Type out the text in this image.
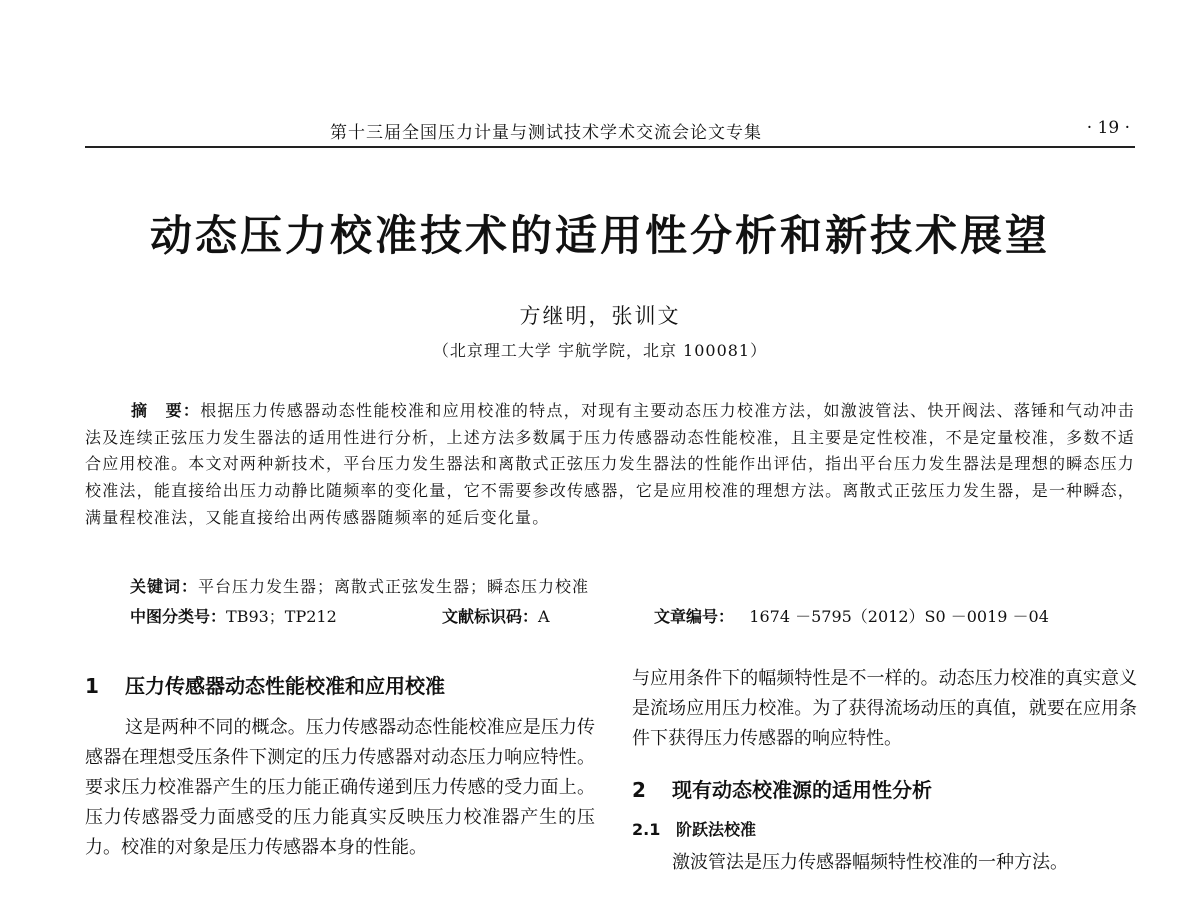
第十三届全国压力计量与测试技术学术交流会论文专集	· 19 ·
动态压力校准技术的适用性分析和新技术展望
方继明，张训文
（北京理工大学 宇航学院，北京 100081）

摘　要：根据压力传感器动态性能校准和应用校准的特点，对现有主要动态压力校准方法，如激波管法、快开阀法、落锤和气动冲击法及连续正弦压力发生器法的适用性进行分析，上述方法多数属于压力传感器动态性能校准，且主要是定性校准，不是定量校准，多数不适合应用校准。本文对两种新技术，平台压力发生器法和离散式正弦压力发生器法的性能作出评估，指出平台压力发生器法是理想的瞬态压力校准法，能直接给出压力动静比随频率的变化量，它不需要参改传感器，它是应用校准的理想方法。离散式正弦压力发生器，是一种瞬态，满量程校准法，又能直接给出两传感器随频率的延后变化量。

关键词：平台压力发生器；离散式正弦发生器；瞬态压力校准
中图分类号：TB93；TP212	文献标识码：A	文章编号： 1674 －5795（2012）S0 －0019 －04
1 压力传感器动态性能校准和应用校准

这是两种不同的概念。压力传感器动态性能校准应是压力传感器在理想受压条件下测定的压力传感器对动态压力响应特性。要求压力校准器产生的压力能正确传递到压力传感的受力面上。压力传感器受力面感受的压力能真实反映压力校准器产生的压力。校准的对象是压力传感器本身的性能。

与应用条件下的幅频特性是不一样的。动态压力校准的真实意义是流场应用压力校准。为了获得流场动压的真值，就要在应用条件下获得压力传感器的响应特性。

2 现有动态校准源的适用性分析
2.1 阶跃法校准

激波管法是压力传感器幅频特性校准的一种方法。
